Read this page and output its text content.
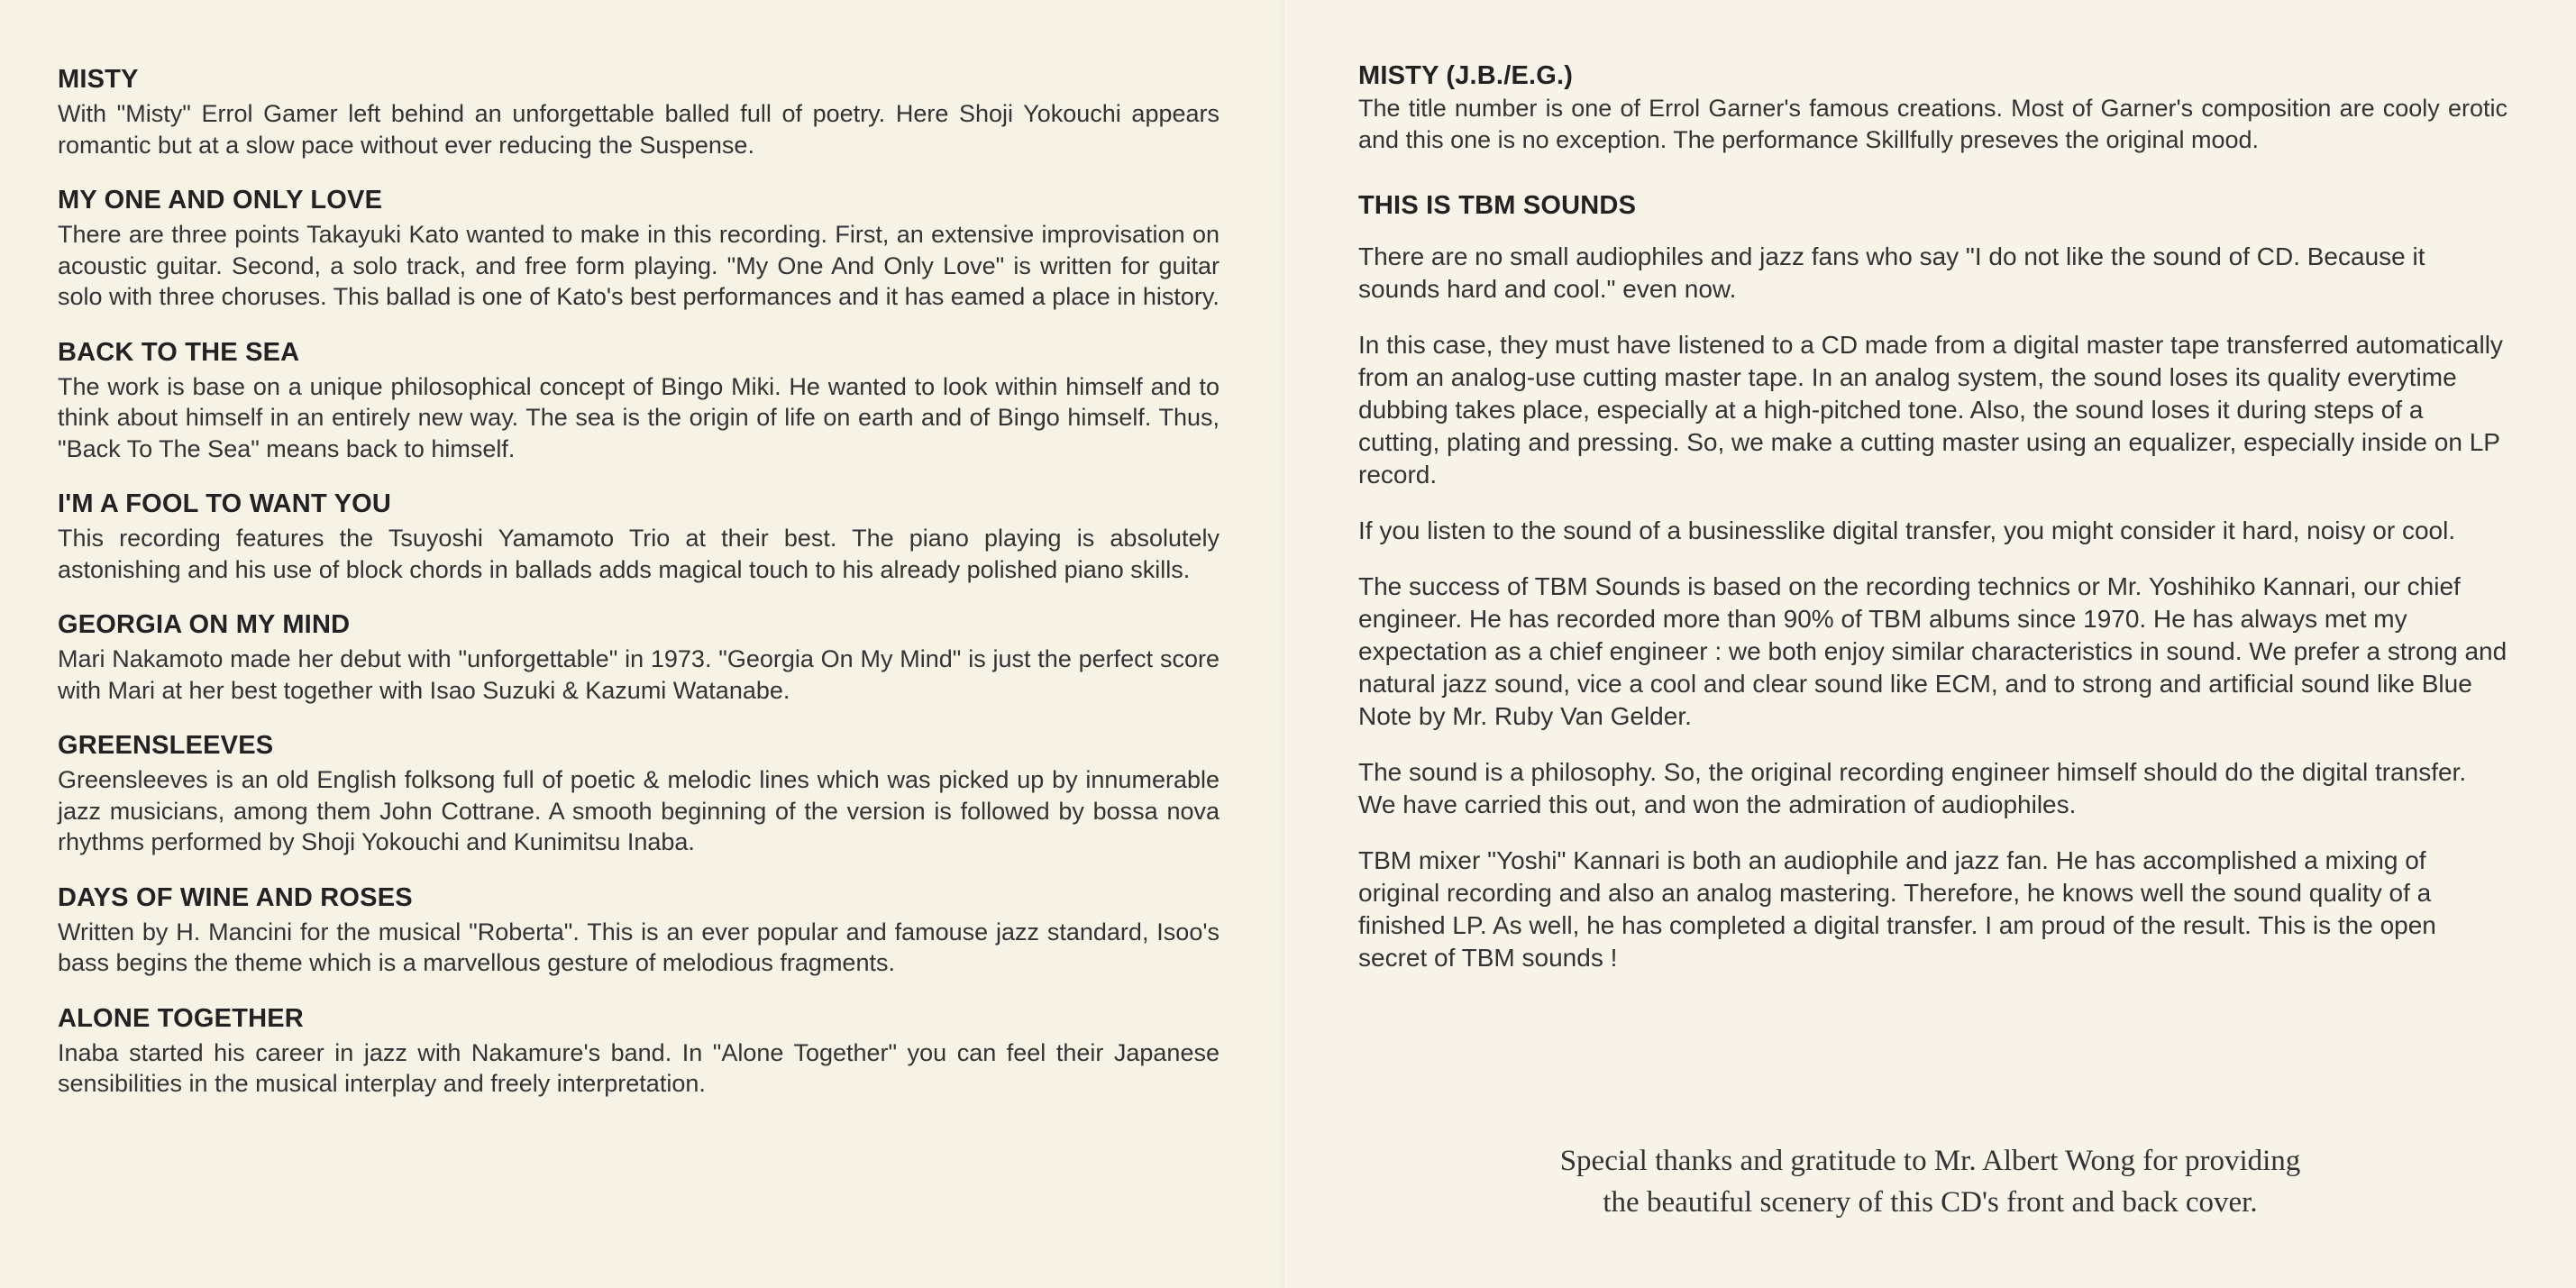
MISTY

With "Misty" Errol Gamer left behind an unforgettable balled full of poetry. Here Shoji Yokouchi appears romantic but at a slow pace without ever reducing the Suspense.

MY ONE AND ONLY LOVE

There are three points Takayuki Kato wanted to make in this recording. First, an extensive improvisation on acoustic guitar. Second, a solo track, and free form playing. "My One And Only Love" is written for guitar solo with three choruses. This ballad is one of Kato's best performances and it has eamed a place in history.

BACK TO THE SEA

The work is base on a unique philosophical concept of Bingo Miki. He wanted to look within himself and to think about himself in an entirely new way. The sea is the origin of life on earth and of Bingo himself. Thus, "Back To The Sea" means back to himself.

I'M A FOOL TO WANT YOU

This recording features the Tsuyoshi Yamamoto Trio at their best. The piano playing is absolutely astonishing and his use of block chords in ballads adds magical touch to his already polished piano skills.

GEORGIA ON MY MIND

Mari Nakamoto made her debut with "unforgettable" in 1973. "Georgia On My Mind" is just the perfect score with Mari at her best together with Isao Suzuki & Kazumi Watanabe.

GREENSLEEVES

Greensleeves is an old English folksong full of poetic & melodic lines which was picked up by innumerable jazz musicians, among them John Cottrane. A smooth beginning of the version is followed by bossa nova rhythms performed by Shoji Yokouchi and Kunimitsu Inaba.

DAYS OF WINE AND ROSES

Written by H. Mancini for the musical "Roberta". This is an ever popular and famouse jazz standard, Isoo's bass begins the theme which is a marvellous gesture of melodious fragments.

ALONE TOGETHER

Inaba started his career in jazz with Nakamure's band. In "Alone Together" you can feel their Japanese sensibilities in the musical interplay and freely interpretation.

MISTY (J.B./E.G.)

The title number is one of Errol Garner's famous creations. Most of Garner's composition are cooly erotic and this one is no exception. The performance Skillfully preseves the original mood.

THIS IS TBM SOUNDS

There are no small audiophiles and jazz fans who say "I do not like the sound of CD. Because it sounds hard and cool." even now.

In this case, they must have listened to a CD made from a digital master tape transferred automatically from an analog-use cutting master tape. In an analog system, the sound loses its quality everytime dubbing takes place, especially at a high-pitched tone. Also, the sound loses it during steps of a cutting, plating and pressing. So, we make a cutting master using an equalizer, especially inside on LP record.

If you listen to the sound of a businesslike digital transfer, you might consider it hard, noisy or cool.

The success of TBM Sounds is based on the recording technics or Mr. Yoshihiko Kannari, our chief engineer. He has recorded more than 90% of TBM albums since 1970. He has always met my expectation as a chief engineer : we both enjoy similar characteristics in sound. We prefer a strong and natural jazz sound, vice a cool and clear sound like ECM, and to strong and artificial sound like Blue Note by Mr. Ruby Van Gelder.

The sound is a philosophy. So, the original recording engineer himself should do the digital transfer. We have carried this out, and won the admiration of audiophiles.

TBM mixer "Yoshi" Kannari is both an audiophile and jazz fan. He has accomplished a mixing of original recording and also an analog mastering. Therefore, he knows well the sound quality of a finished LP. As well, he has completed a digital transfer. I am proud of the result. This is the open secret of TBM sounds !

Special thanks and gratitude to Mr. Albert Wong for providing
the beautiful scenery of this CD's front and back cover.
